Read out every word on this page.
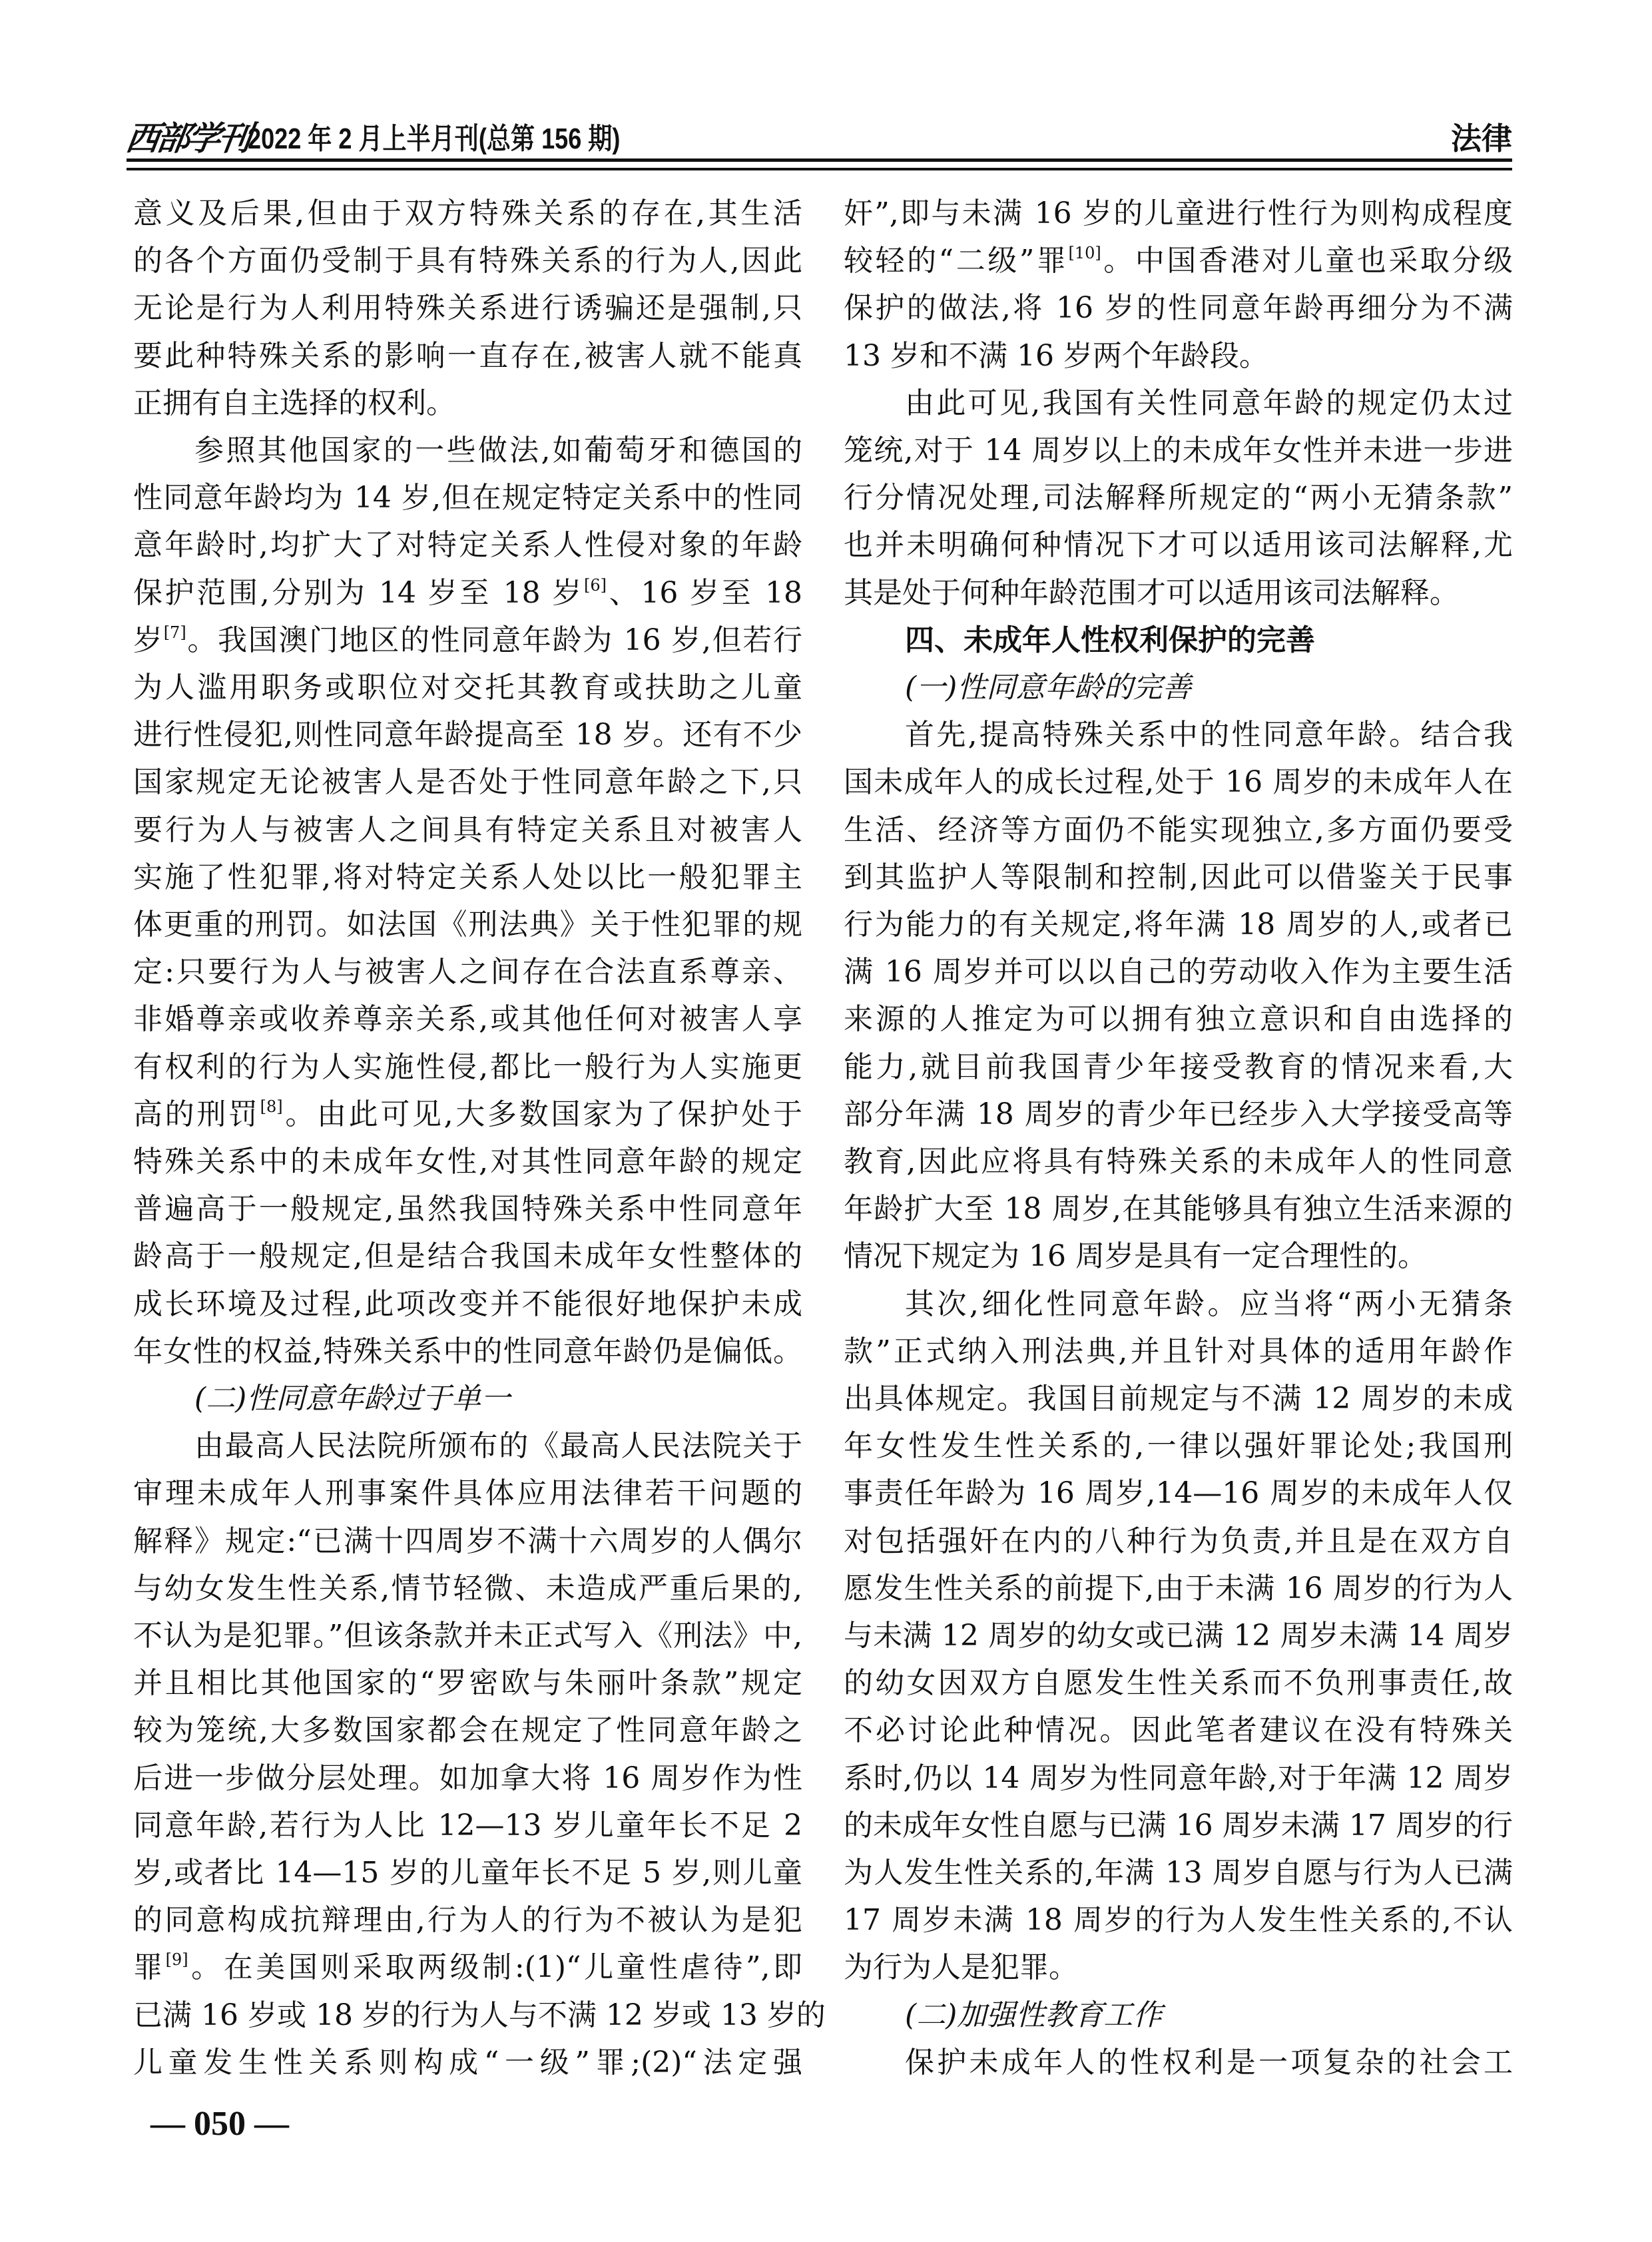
西部学刊
2022 年 2 月上半月刊(总第 156 期)	法律
意义及后果,但由于双方特殊关系的存在,其生活
的各个方面仍受制于具有特殊关系的行为人,因此
无论是行为人利用特殊关系进行诱骗还是强制,只
要此种特殊关系的影响一直存在,被害人就不能真
正拥有自主选择的权利。
参照其他国家的一些做法,如葡萄牙和德国的
性同意年龄均为 14 岁,但在规定特定关系中的性同
意年龄时,均扩大了对特定关系人性侵对象的年龄
保护范围,分别为 14 岁至 18 岁[6]、16 岁至 18
岁[7]。我国澳门地区的性同意年龄为 16 岁,但若行
为人滥用职务或职位对交托其教育或扶助之儿童
进行性侵犯,则性同意年龄提高至 18 岁。还有不少
国家规定无论被害人是否处于性同意年龄之下,只
要行为人与被害人之间具有特定关系且对被害人
实施了性犯罪,将对特定关系人处以比一般犯罪主
体更重的刑罚。如法国《刑法典》关于性犯罪的规
定:只要行为人与被害人之间存在合法直系尊亲、
非婚尊亲或收养尊亲关系,或其他任何对被害人享
有权利的行为人实施性侵,都比一般行为人实施更
高的刑罚[8]。由此可见,大多数国家为了保护处于
特殊关系中的未成年女性,对其性同意年龄的规定
普遍高于一般规定,虽然我国特殊关系中性同意年
龄高于一般规定,但是结合我国未成年女性整体的
成长环境及过程,此项改变并不能很好地保护未成
年女性的权益,特殊关系中的性同意年龄仍是偏低。
(二)性同意年龄过于单一
由最高人民法院所颁布的《最高人民法院关于
审理未成年人刑事案件具体应用法律若干问题的
解释》规定:“已满十四周岁不满十六周岁的人偶尔
与幼女发生性关系,情节轻微、未造成严重后果的,
不认为是犯罪。”但该条款并未正式写入《刑法》中,
并且相比其他国家的“罗密欧与朱丽叶条款”规定
较为笼统,大多数国家都会在规定了性同意年龄之
后进一步做分层处理。如加拿大将 16 周岁作为性
同意年龄,若行为人比 12—13 岁儿童年长不足 2
岁,或者比 14—15 岁的儿童年长不足 5 岁,则儿童
的同意构成抗辩理由,行为人的行为不被认为是犯
罪[9]。在美国则采取两级制:(1)“儿童性虐待”,即
已满 16 岁或 18 岁的行为人与不满 12 岁或 13 岁的
儿童发生性关系则构成“一级”罪;(2)“法定强
奸”,即与未满 16 岁的儿童进行性行为则构成程度
较轻的“二级”罪[10]。中国香港对儿童也采取分级
保护的做法,将 16 岁的性同意年龄再细分为不满
13 岁和不满 16 岁两个年龄段。
由此可见,我国有关性同意年龄的规定仍太过
笼统,对于 14 周岁以上的未成年女性并未进一步进
行分情况处理,司法解释所规定的“两小无猜条款”
也并未明确何种情况下才可以适用该司法解释,尤
其是处于何种年龄范围才可以适用该司法解释。
四、未成年人性权利保护的完善
(一)性同意年龄的完善
首先,提高特殊关系中的性同意年龄。结合我
国未成年人的成长过程,处于 16 周岁的未成年人在
生活、经济等方面仍不能实现独立,多方面仍要受
到其监护人等限制和控制,因此可以借鉴关于民事
行为能力的有关规定,将年满 18 周岁的人,或者已
满 16 周岁并可以以自己的劳动收入作为主要生活
来源的人推定为可以拥有独立意识和自由选择的
能力,就目前我国青少年接受教育的情况来看,大
部分年满 18 周岁的青少年已经步入大学接受高等
教育,因此应将具有特殊关系的未成年人的性同意
年龄扩大至 18 周岁,在其能够具有独立生活来源的
情况下规定为 16 周岁是具有一定合理性的。
其次,细化性同意年龄。应当将“两小无猜条
款”正式纳入刑法典,并且针对具体的适用年龄作
出具体规定。我国目前规定与不满 12 周岁的未成
年女性发生性关系的,一律以强奸罪论处;我国刑
事责任年龄为 16 周岁,14—16 周岁的未成年人仅
对包括强奸在内的八种行为负责,并且是在双方自
愿发生性关系的前提下,由于未满 16 周岁的行为人
与未满 12 周岁的幼女或已满 12 周岁未满 14 周岁
的幼女因双方自愿发生性关系而不负刑事责任,故
不必讨论此种情况。因此笔者建议在没有特殊关
系时,仍以 14 周岁为性同意年龄,对于年满 12 周岁
的未成年女性自愿与已满 16 周岁未满 17 周岁的行
为人发生性关系的,年满 13 周岁自愿与行为人已满
17 周岁未满 18 周岁的行为人发生性关系的,不认
为行为人是犯罪。
(二)加强性教育工作
保护未成年人的性权利是一项复杂的社会工
— 050 —
